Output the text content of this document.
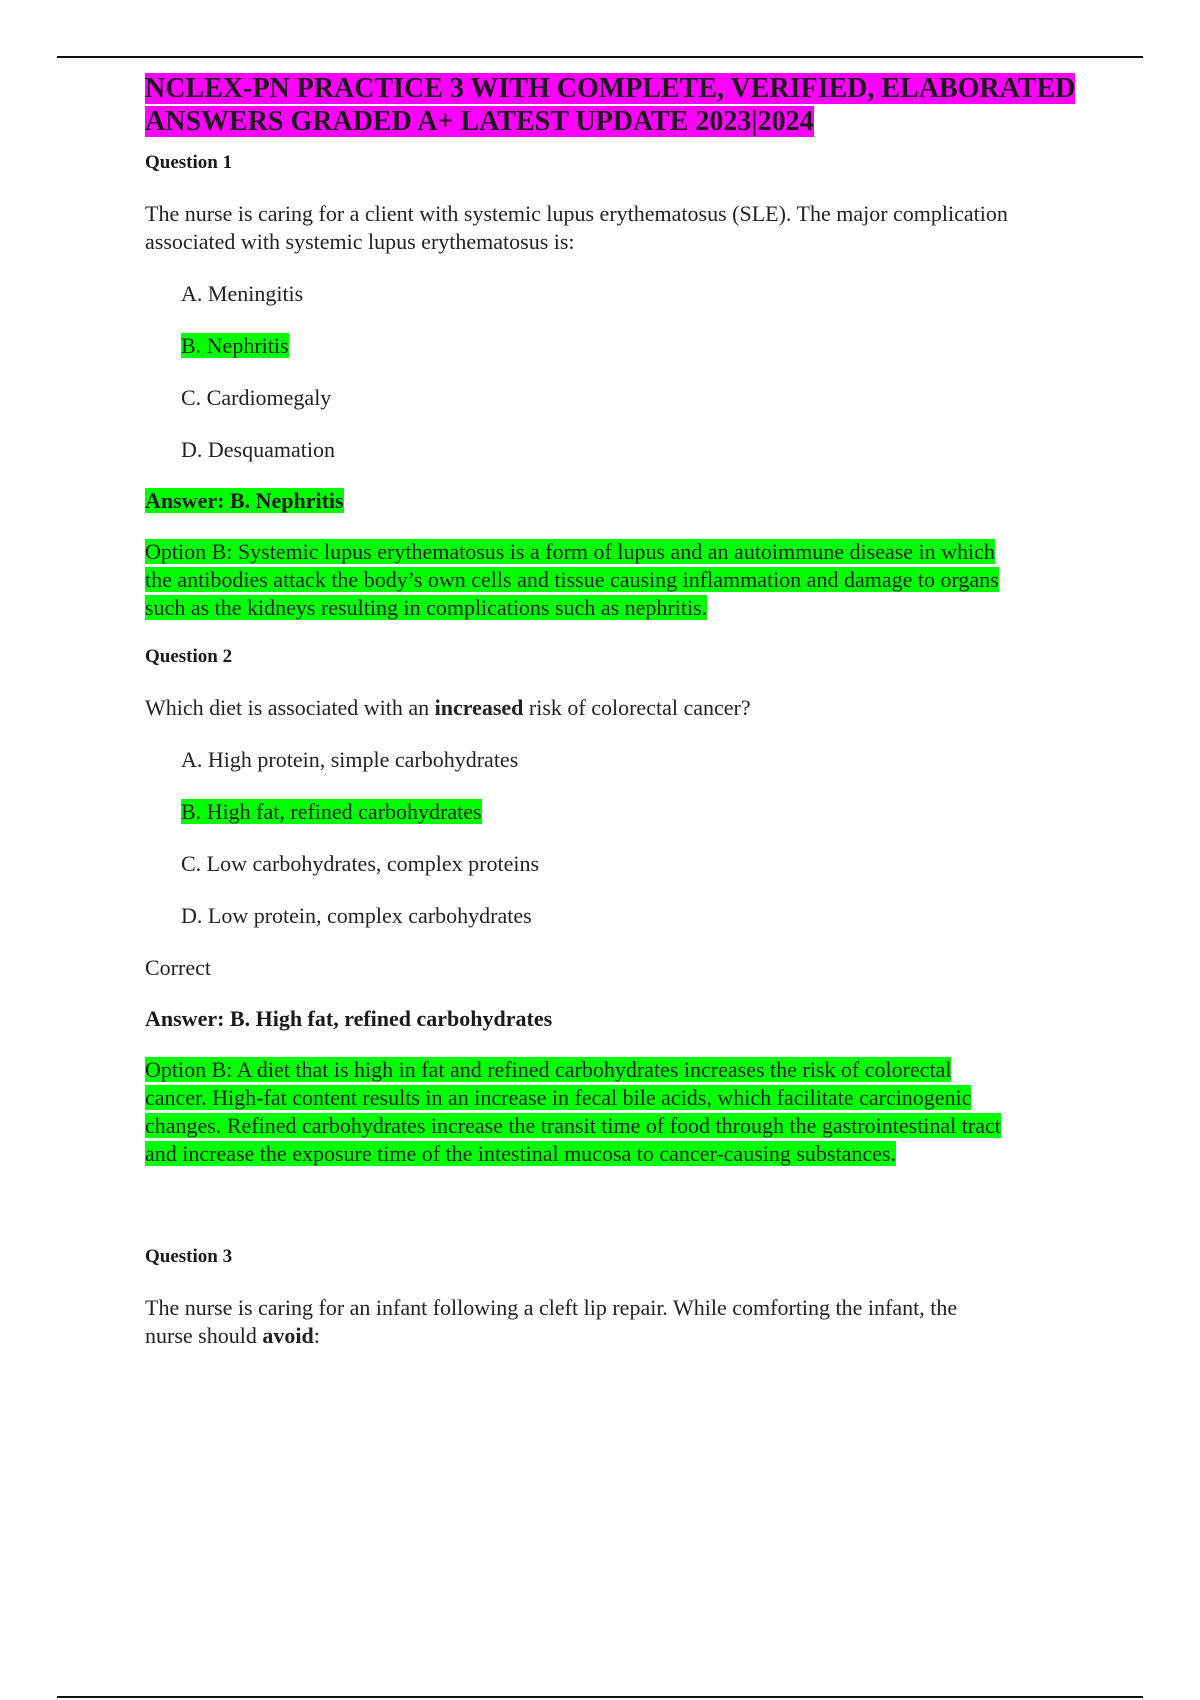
NCLEX-PN PRACTICE 3 WITH COMPLETE, VERIFIED, ELABORATED
ANSWERS GRADED A+ LATEST UPDATE 2023|2024

Question 1

The nurse is caring for a client with systemic lupus erythematosus (SLE). The major complication associated with systemic lupus erythematosus is:

A. Meningitis

B. Nephritis

C. Cardiomegaly

D. Desquamation

Answer: B. Nephritis

Option B: Systemic lupus erythematosus is a form of lupus and an autoimmune disease in which
the antibodies attack the body’s own cells and tissue causing inflammation and damage to organs
such as the kidneys resulting in complications such as nephritis.

Question 2

Which diet is associated with an increased risk of colorectal cancer?

A. High protein, simple carbohydrates

B. High fat, refined carbohydrates

C. Low carbohydrates, complex proteins

D. Low protein, complex carbohydrates

Correct

Answer: B. High fat, refined carbohydrates

Option B: A diet that is high in fat and refined carbohydrates increases the risk of colorectal
cancer. High-fat content results in an increase in fecal bile acids, which facilitate carcinogenic
changes. Refined carbohydrates increase the transit time of food through the gastrointestinal tract
and increase the exposure time of the intestinal mucosa to cancer-causing substances.

Question 3

The nurse is caring for an infant following a cleft lip repair. While comforting the infant, the
nurse should avoid:
